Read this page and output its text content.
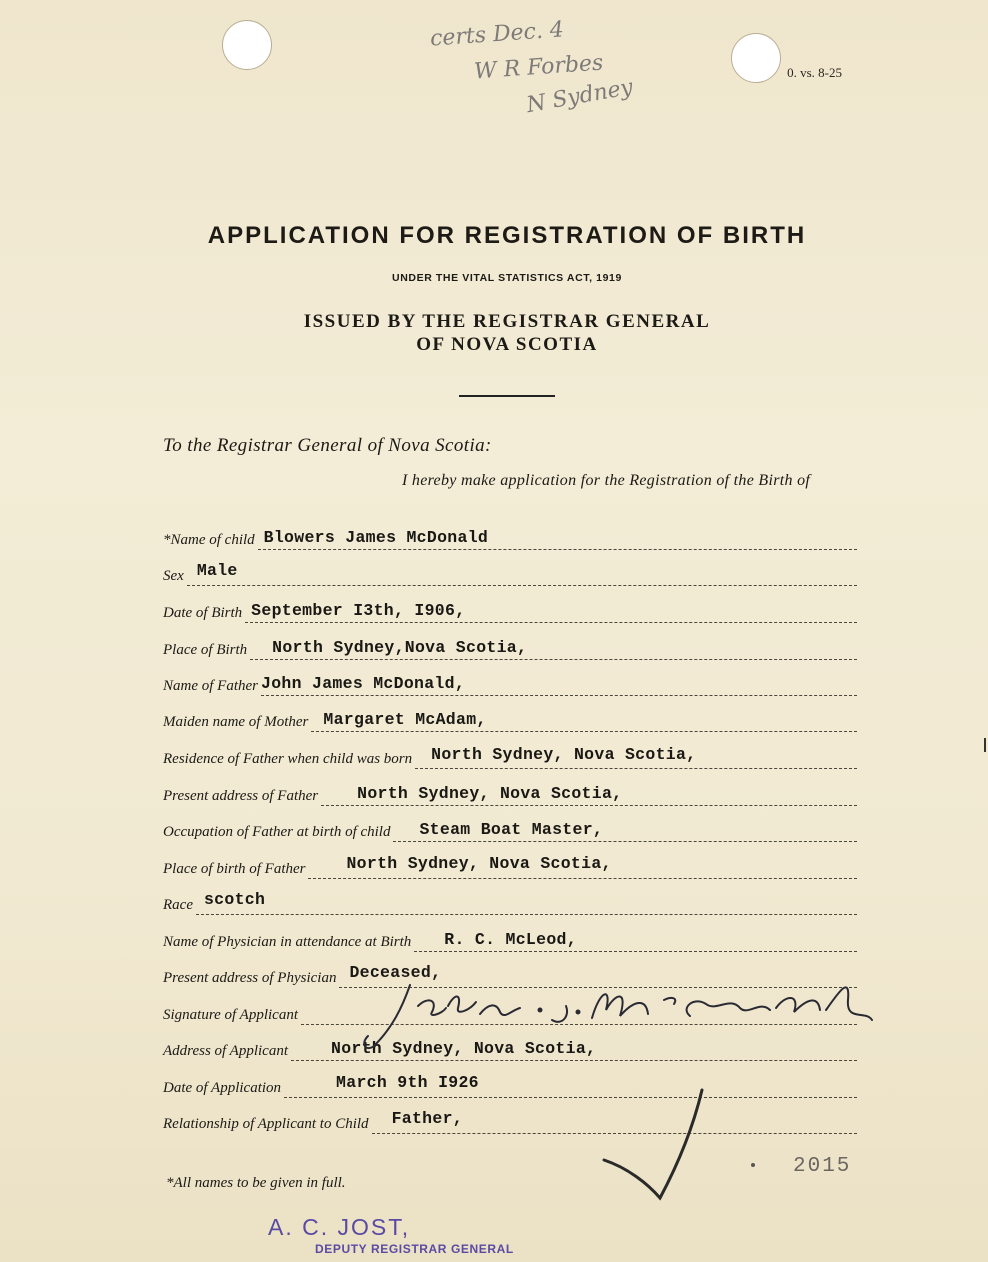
certs Dec. 4
W R Forbes
N Sydney
0. vs. 8-25
APPLICATION FOR REGISTRATION OF BIRTH
UNDER THE VITAL STATISTICS ACT, 1919
ISSUED BY THE REGISTRAR GENERAL
OF NOVA SCOTIA
To the Registrar General of Nova Scotia:
I hereby make application for the Registration of the Birth of
*Name of child Blowers James McDonald
Sex Male
Date of Birth September I3th, I906,
Place of Birth North Sydney,Nova Scotia,
Name of Father John James McDonald,
Maiden name of Mother Margaret McAdam,
Residence of Father when child was born North Sydney, Nova Scotia,
Present address of Father North Sydney, Nova Scotia,
Occupation of Father at birth of child Steam Boat Master,
Place of birth of Father North Sydney, Nova Scotia,
Race scotch
Name of Physician in attendance at Birth R. C. McLeod,
Present address of Physician Deceased,
Signature of Applicant
Address of Applicant	North Sydney, Nova Scotia,
Date of Application	March 9th I926
Relationship of Applicant to Child Father,
*All names to be given in full.
2015
A. C. JOST,
DEPUTY REGISTRAR GENERAL
